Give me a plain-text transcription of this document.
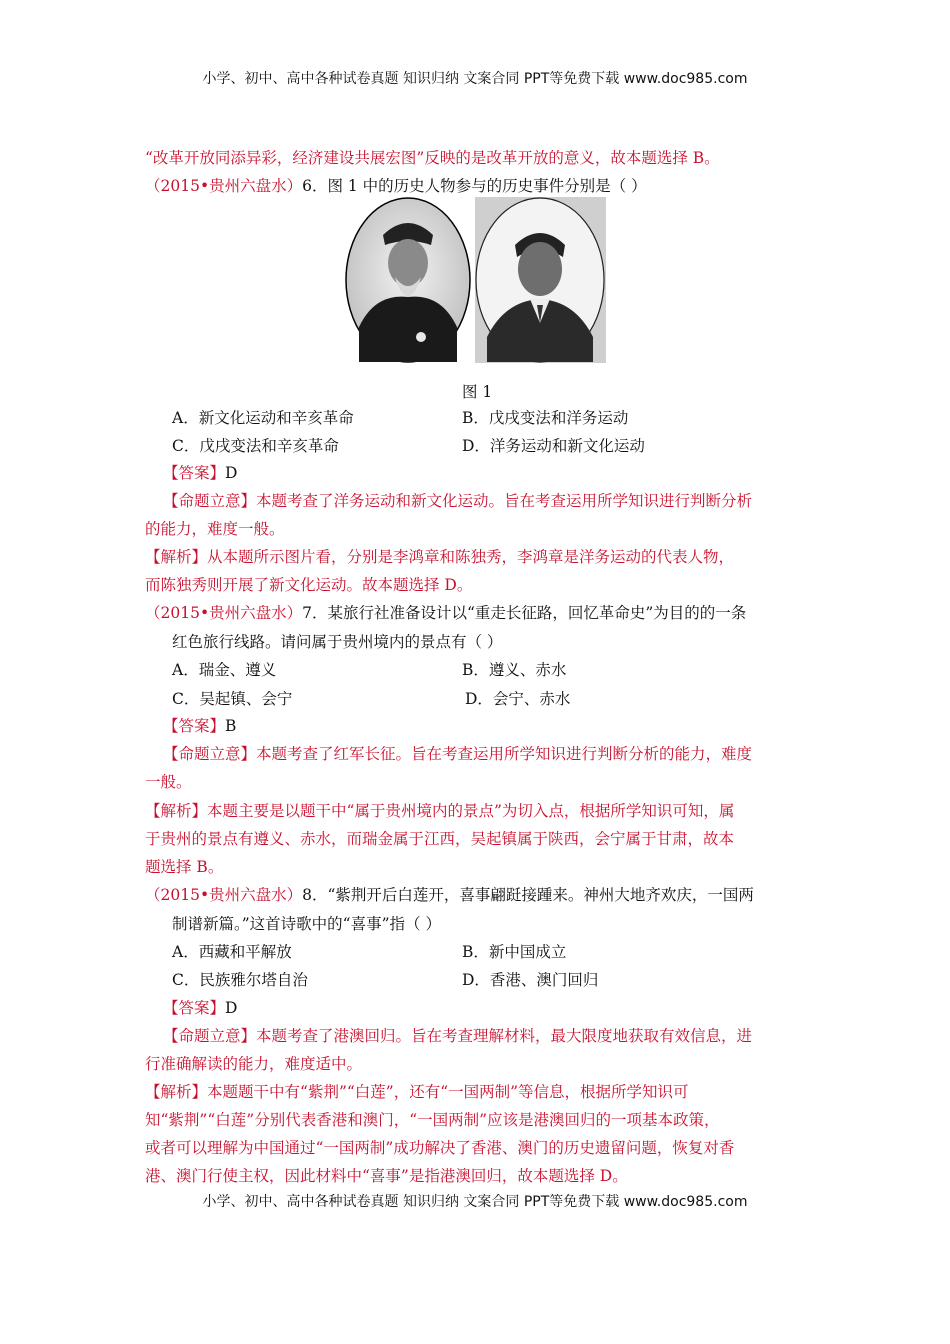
小学、初中、高中各种试卷真题 知识归纳 文案合同 PPT等免费下载 www.doc985.com
“改革开放同添异彩，经济建设共展宏图”反映的是改革开放的意义，故本题选择 B。
（2015•贵州六盘水）6．图 1 中的历史人物参与的历史事件分别是（ ）
图 1
A．新文化运动和辛亥革命	B．戊戌变法和洋务运动
C．戊戌变法和辛亥革命	D．洋务运动和新文化运动
【答案】D
【命题立意】本题考查了洋务运动和新文化运动。旨在考查运用所学知识进行判断分析
的能力，难度一般。
【解析】从本题所示图片看，分别是李鸿章和陈独秀，李鸿章是洋务运动的代表人物，
而陈独秀则开展了新文化运动。故本题选择 D。
（2015•贵州六盘水）7．某旅行社准备设计以“重走长征路，回忆革命史”为目的的一条
红色旅行线路。请问属于贵州境内的景点有（ ）
A．瑞金、遵义	B．遵义、赤水
C．吴起镇、会宁	D．会宁、赤水
【答案】B
【命题立意】本题考查了红军长征。旨在考查运用所学知识进行判断分析的能力，难度
一般。
【解析】本题主要是以题干中“属于贵州境内的景点”为切入点，根据所学知识可知，属
于贵州的景点有遵义、赤水，而瑞金属于江西，吴起镇属于陕西，会宁属于甘肃，故本
题选择 B。
（2015•贵州六盘水）8．“紫荆开后白莲开，喜事翩跹接踵来。神州大地齐欢庆，一国两
制谱新篇。”这首诗歌中的“喜事”指（ ）
A．西藏和平解放	B．新中国成立
C．民族雅尔塔自治	D．香港、澳门回归
【答案】D
【命题立意】本题考查了港澳回归。旨在考查理解材料，最大限度地获取有效信息，进
行准确解读的能力，难度适中。
【解析】本题题干中有“紫荆”“白莲”，还有“一国两制”等信息，根据所学知识可
知“紫荆”“白莲”分别代表香港和澳门，“一国两制”应该是港澳回归的一项基本政策，
或者可以理解为中国通过“一国两制”成功解决了香港、澳门的历史遗留问题，恢复对香
港、澳门行使主权，因此材料中“喜事”是指港澳回归，故本题选择 D。
小学、初中、高中各种试卷真题 知识归纳 文案合同 PPT等免费下载 www.doc985.com
